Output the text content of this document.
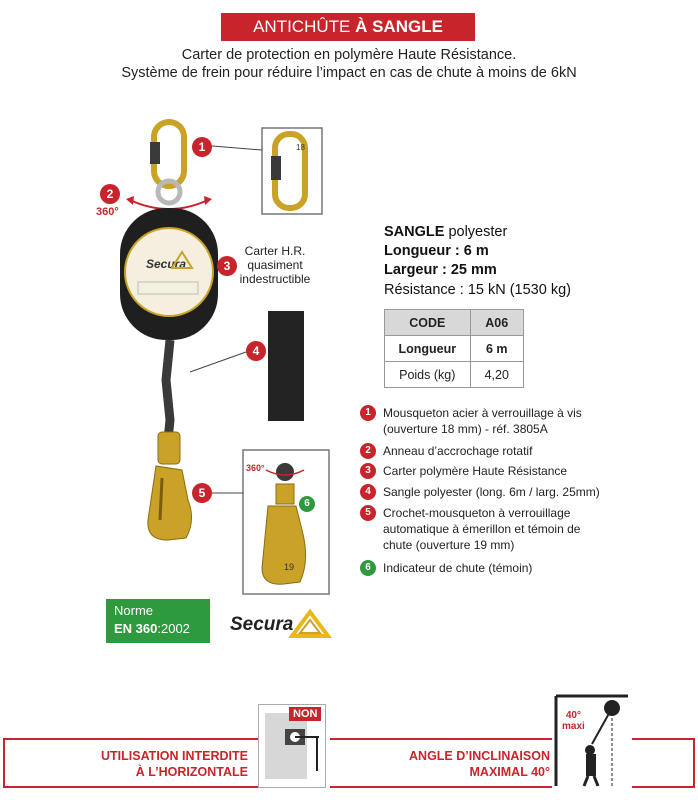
ANTICHÛTE À SANGLE
Carter de protection en polymère Haute Résistance.
Système de frein pour réduire l’impact en cas de chute à moins de 6kN
Secura
1
2
360°
3
Carter H.R.
quasiment
indestructible
4
5
6
360°
19
18
SANGLE polyester
Longueur : 6 m
Largeur : 25 mm
Résistance : 15 kN (1530 kg)
CODE	A06
Longueur	6 m
Poids (kg)	4,20
1	Mousqueton acier à verrouillage à vis (ouverture 18 mm) - réf. 3805A
2	Anneau d’accrochage rotatif
3	Carter polymère Haute Résistance
4	Sangle polyester (long. 6m / larg. 25mm)
5	Crochet-mousqueton à verrouillage automatique à émerillon et témoin de chute (ouverture 19 mm)
6	Indicateur de chute (témoin)
Norme
EN 360:2002	Secura
UTILISATION INTERDITE
À L’HORIZONTALE
ANGLE D’INCLINAISON
MAXIMAL 40°
NON	40°
maxi
